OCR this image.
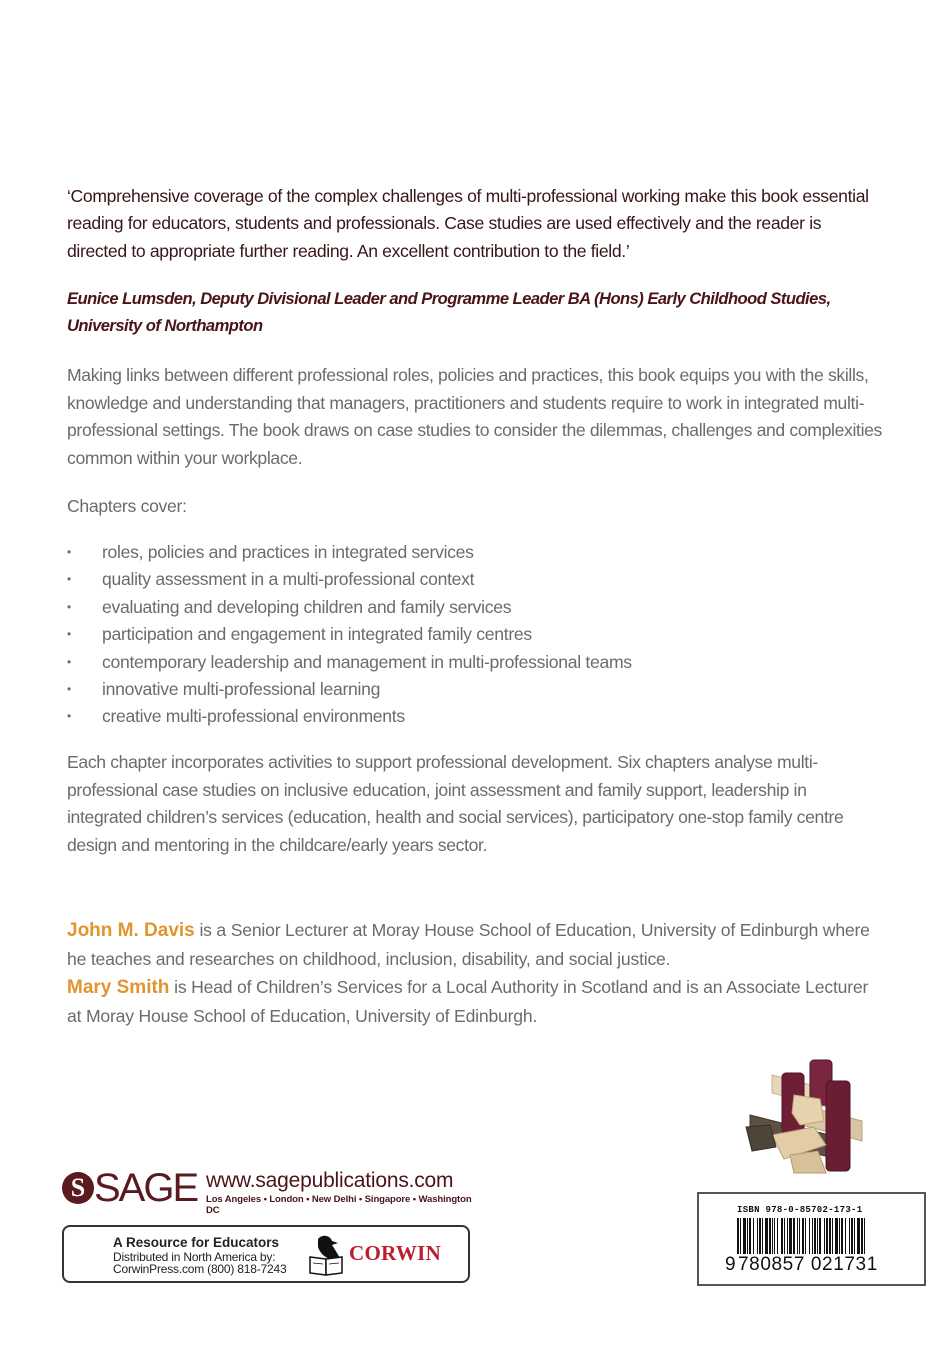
‘Comprehensive coverage of the complex challenges of multi-professional working make this book essential reading for educators, students and professionals. Case studies are used effectively and the reader is directed to appropriate further reading. An excellent contribution to the field.’
Eunice Lumsden, Deputy Divisional Leader and Programme Leader BA (Hons) Early Childhood Studies,
University of Northampton
Making links between different professional roles, policies and practices, this book equips you with the skills, knowledge and understanding that managers, practitioners and students require to work in integrated multi-professional settings. The book draws on case studies to consider the dilemmas, challenges and complexities common within your workplace.
Chapters cover:
• roles, policies and practices in integrated services
• quality assessment in a multi-professional context
• evaluating and developing children and family services
• participation and engagement in integrated family centres
• contemporary leadership and management in multi-professional teams
• innovative multi-professional learning
• creative multi-professional environments
Each chapter incorporates activities to support professional development. Six chapters analyse multi-professional case studies on inclusive education, joint assessment and family support, leadership in integrated children’s services (education, health and social services), participatory one-stop family centre design and mentoring in the childcare/early years sector.
John M. Davis is a Senior Lecturer at Moray House School of Education, University of Edinburgh where he teaches and researches on childhood, inclusion, disability, and social justice.
Mary Smith is Head of Children’s Services for a Local Authority in Scotland and is an Associate Lecturer at Moray House School of Education, University of Edinburgh.
S SAGE www.sagepublications.com
Los Angeles • London • New Delhi • Singapore • Washington DC
A Resource for Educators
Distributed in North America by:
CorwinPress.com (800) 818-7243
CORWIN
ISBN 978-0-85702-173-1
9780857 021731
